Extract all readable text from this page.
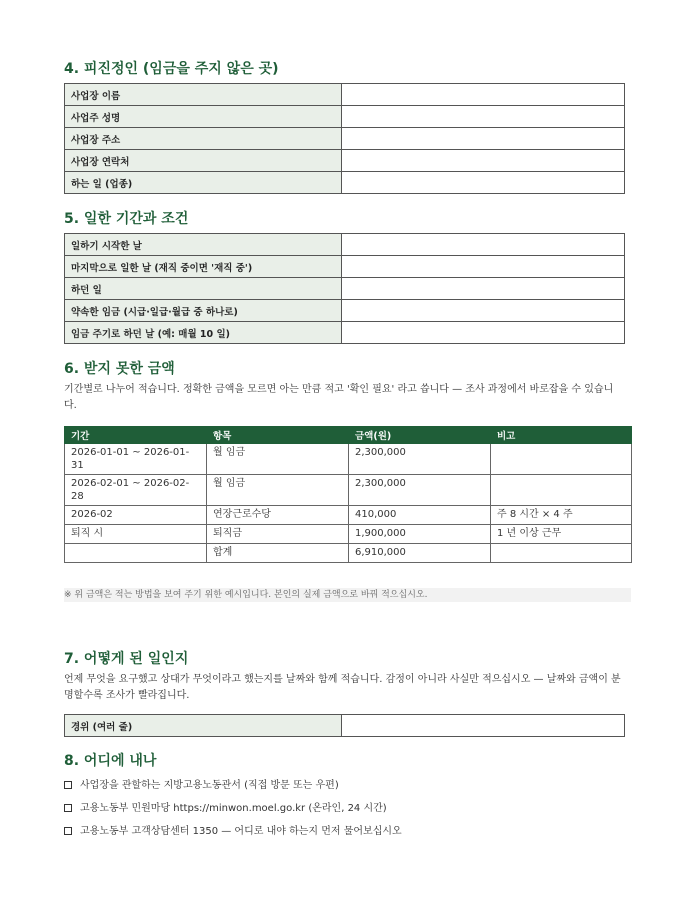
4. 피진정인 (임금을 주지 않은 곳)
사업장 이름	
사업주 성명	
사업장 주소	
사업장 연락처	
하는 일 (업종)	
5. 일한 기간과 조건
일하기 시작한 날	
마지막으로 일한 날 (재직 중이면 '재직 중')	
하던 일	
약속한 임금 (시급·일급·월급 중 하나로)	
임금 주기로 하던 날 (예: 매월 10 일)	
6. 받지 못한 금액

기간별로 나누어 적습니다. 정확한 금액을 모르면 아는 만큼 적고 '확인 필요' 라고 씁니다 — 조사 과정에서 바로잡을 수 있습니다.

기간	항목	금액(원)	비고
2026-01-01 ~ 2026-01-31	월 임금	2,300,000	
2026-02-01 ~ 2026-02-28	월 임금	2,300,000	
2026-02	연장근로수당	410,000	주 8 시간 × 4 주
퇴직 시	퇴직금	1,900,000	1 년 이상 근무
	합계	6,910,000	
※ 위 금액은 적는 방법을 보여 주기 위한 예시입니다. 본인의 실제 금액으로 바꿔 적으십시오.
7. 어떻게 된 일인지

언제 무엇을 요구했고 상대가 무엇이라고 했는지를 날짜와 함께 적습니다. 감정이 아니라 사실만 적으십시오 — 날짜와 금액이 분명할수록 조사가 빨라집니다.

경위 (여러 줄)	
8. 어디에 내나
사업장을 관할하는 지방고용노동관서 (직접 방문 또는 우편)
고용노동부 민원마당 https://minwon.moel.go.kr (온라인, 24 시간)
고용노동부 고객상담센터 1350 — 어디로 내야 하는지 먼저 물어보십시오
